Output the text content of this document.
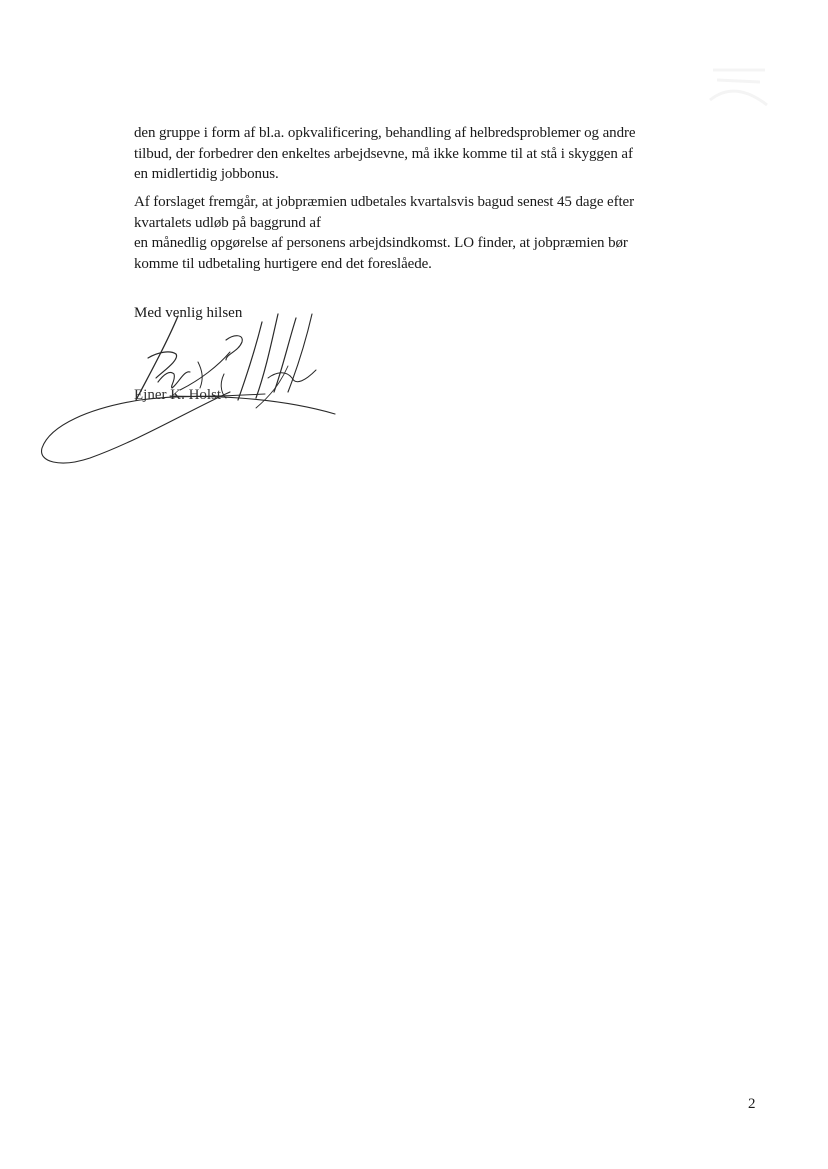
den gruppe i form af bl.a. opkvalificering, behandling af helbredsproblemer og andre
tilbud, der forbedrer den enkeltes arbejdsevne, må ikke komme til at stå i skyggen af
en midlertidig jobbonus.
Af forslaget fremgår, at jobpræmien udbetales kvartalsvis bagud senest 45 dage efter
kvartalets udløb på baggrund af
en månedlig opgørelse af personens arbejdsindkomst. LO finder, at jobpræmien bør
komme til udbetaling hurtigere end det foreslåede.
Med venlig hilsen
Ejner K. Holst
2
